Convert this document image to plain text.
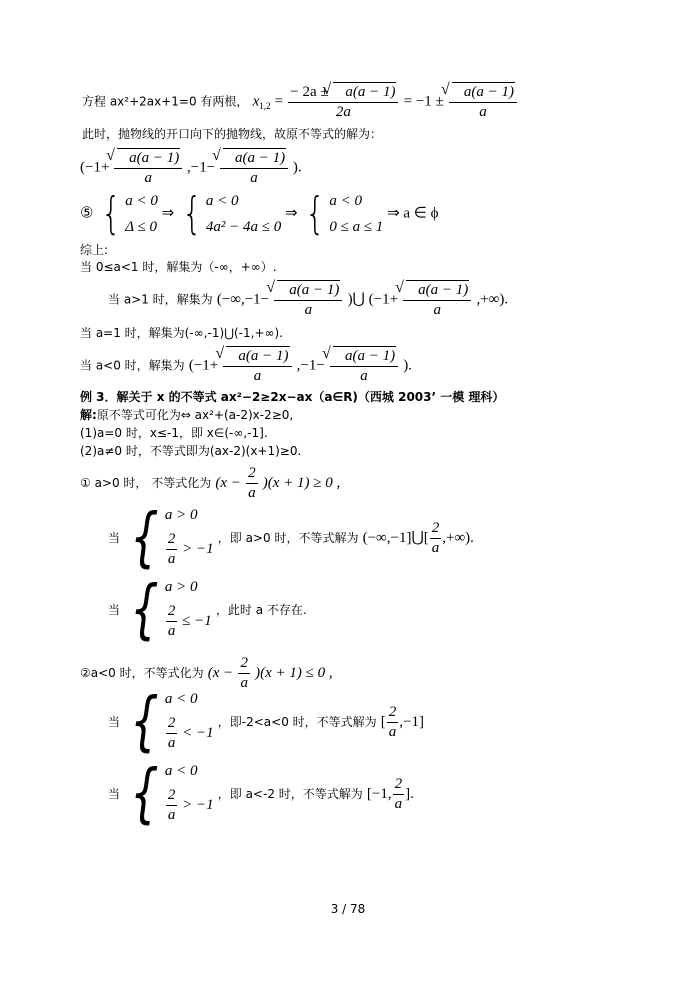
方程 ax²+2ax+1=0 有两根， $x_{1,2} = \frac{- 2a \pm √ a(a - 1)}{2a} = -1$ ± √ $\frac{a(a - 1)}{a}$
此时，抛物线的开口向下的抛物线，故原不等式的解为：
(−1+ √ $\frac{a(a - 1)}{a} ,-1-$ √ $\frac{a(a - 1)}{a}$ ).
⑤ { a < 0
Δ ≤ 0
⇒ { a < 0
4a² − 4a ≤ 0
⇒ { a < 0
0 ≤ a ≤ 1
⇒ a ∈ ϕ
综上:
当 0≤a<1 时，解集为（-∞，+∞）.
当 a>1 时，解集为 (−∞,−1− √ $\frac{a(a - 1)}{a}$ )⋃ (−1+ √ $\frac{a(a - 1)}{a}$ ,+∞).
当 a=1 时，解集为(-∞,-1)⋃(-1,+∞).
当 a<0 时，解集为 (−1+ √ $\frac{a(a - 1)}{a} ,-1-$ √ $\frac{a(a - 1)}{a}$ ).
例 3．解关于 x 的不等式 ax²−2≥2x−ax（a∈R)（西城 2003’ 一模 理科）
解:原不等式可化为⇔ ax²+(a-2)x-2≥0,
(1)a=0 时，x≤-1，即 x∈(-∞,-1].
(2)a≠0 时，不等式即为(ax-2)(x+1)≥0.
① a>0 时， 不等式化为 $(x - \frac{2}{a} )(x + 1) \ge 0$ ,
当 { a > 0
$\frac{2}{a} > -1$
，即 a>0 时，不等式解为 (−∞,−1]⋃[ $\frac{2}{a}$ ,+∞).
当 { a > 0
$\frac{2}{a} \le -1$
，此时 a 不存在.
②a<0 时，不等式化为 $(x - \frac{2}{a} )(x + 1) \le 0$ ,
当 { a < 0
$\frac{2}{a} < -1$
，即-2<a<0 时，不等式解为 [ $\frac{2}{a} ,-1$]
当 { a < 0
$\frac{2}{a} > -1$
，即 a<-2 时，不等式解为 [−1, $\frac{2}{a}$ ].
3 / 78
